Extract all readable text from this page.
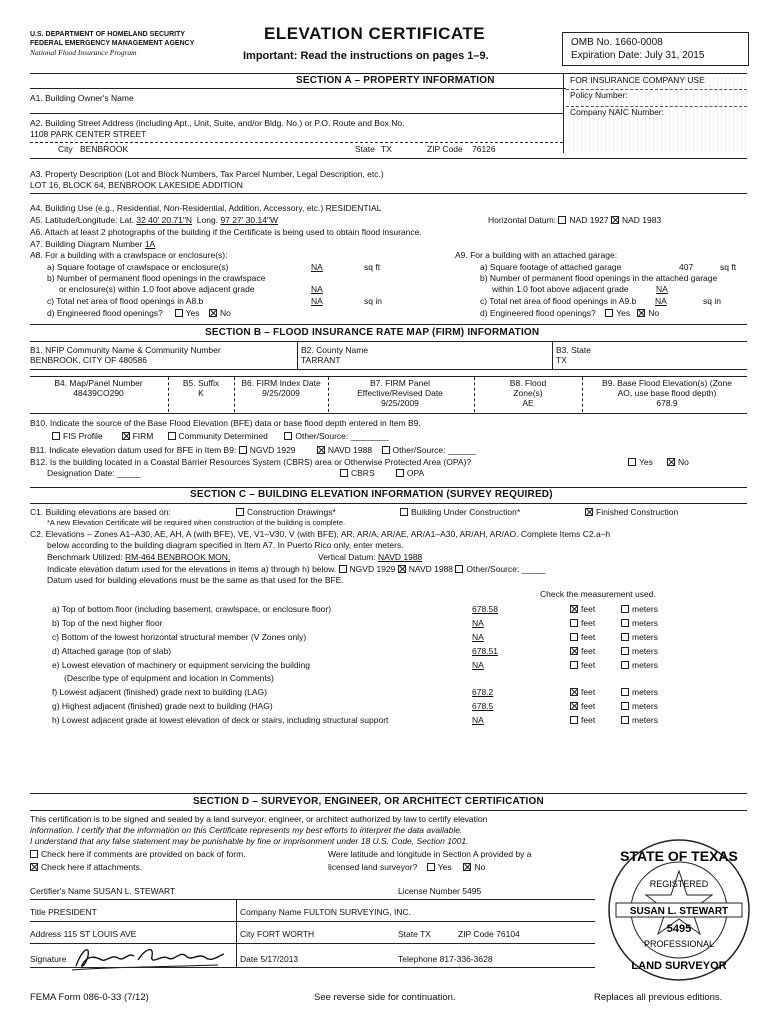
U.S. DEPARTMENT OF HOMELAND SECURITY
FEDERAL EMERGENCY MANAGEMENT AGENCY
National Flood Insurance Program
ELEVATION CERTIFICATE
Important: Read the instructions on pages 1–9.
OMB No. 1660-0008
Expiration Date: July 31, 2015
SECTION A – PROPERTY INFORMATION	FOR INSURANCE COMPANY USE
Policy Number:
Company NAIC Number:
A1. Building Owner's Name
A2. Building Street Address (including Apt., Unit, Suite, and/or Bldg. No.) or P.O. Route and Box No.
1108 PARK CENTER STREET
City BENBROOK	State TX	ZIP Code 76126
A3. Property Description (Lot and Block Numbers, Tax Parcel Number, Legal Description, etc.)
LOT 16, BLOCK 64, BENBROOK LAKESIDE ADDITION
A4. Building Use (e.g., Residential, Non-Residential, Addition, Accessory, etc.) RESIDENTIAL
A5. Latitude/Longitude: Lat. 32 40' 20.71"N Long. 97 27' 30.14"W	Horizontal Datum: NAD 1927 NAD 1983
A6. Attach at least 2 photographs of the building if the Certificate is being used to obtain flood insurance.
A7. Building Diagram Number 1A
A8. For a building with a crawlspace or enclosure(s):
a) Square footage of crawlspace or enclosure(s)	NA	sq ft
b) Number of permanent flood openings in the crawlspace
or enclosure(s) within 1.0 foot above adjacent grade	NA
c) Total net area of flood openings in A8.b	NA	sq in
d) Engineered flood openings?	Yes No
A9. For a building with an attached garage:
a) Square footage of attached garage	407	sq ft
b) Number of permanent flood openings in the attached garage
within 1.0 foot above adjacent grade	NA
c) Total net area of flood openings in A9.b NA	sq in
d) Engineered flood openings? Yes No
SECTION B – FLOOD INSURANCE RATE MAP (FIRM) INFORMATION
B1. NFIP Community Name & Community Number
BENBROOK, CITY OF 480586
B2. County Name
TARRANT
B3. State
TX
B4. Map/Panel Number
48439CO290
B5. Suffix
K
B6. FIRM Index Date
9/25/2009
B7. FIRM Panel
Effective/Revised Date
9/25/2009
B8. Flood
Zone(s)
AE
B9. Base Flood Elevation(s) (Zone
AO, use base flood depth)
678.9
B10. Indicate the source of the Base Flood Elevation (BFE) data or base flood depth entered in Item B9.
FIS Profile	FIRM	Community Determined	Other/Source: ________
B11. Indicate elevation datum used for BFE in Item B9: NGVD 1929	NAVD 1988 Other/Source: ______
B12. Is the building located in a Coastal Barrier Resources System (CBRS) area or Otherwise Protected Area (OPA)?	Yes	No
Designation Date: _____	CBRS	OPA
SECTION C – BUILDING ELEVATION INFORMATION (SURVEY REQUIRED)
C1. Building elevations are based on:	Construction Drawings*	Building Under Construction*	Finished Construction
*A new Elevation Certificate will be required when construction of the building is complete.
C2. Elevations – Zones A1–A30, AE, AH, A (with BFE), VE, V1–V30, V (with BFE), AR, AR/A, AR/AE, AR/A1–A30, AR/AH, AR/AO. Complete Items C2.a–h
below according to the building diagram specified in Item A7. In Puerto Rico only, enter meters.
Benchmark Utilized: RM-464 BENBROOK MON.	Vertical Datum: NAVD 1988
Indicate elevation datum used for the elevations in items a) through h) below. NGVD 1929 NAVD 1988 Other/Source: _____
Datum used for building elevations must be the same as that used for the BFE.
Check the measurement used.
a) Top of bottom floor (including basement, crawlspace, or enclosure floor)	678.58	feet	meters
b) Top of the next higher floor	NA	feet	meters
c) Bottom of the lowest horizontal structural member (V Zones only)	NA	feet	meters
d) Attached garage (top of slab)	678.51	feet	meters
e) Lowest elevation of machinery or equipment servicing the building	NA	feet	meters
(Describe type of equipment and location in Comments)
f) Lowest adjacent (finished) grade next to building (LAG)	678.2	feet	meters
g) Highest adjacent (finished) grade next to building (HAG)	678.5	feet	meters
h) Lowest adjacent grade at lowest elevation of deck or stairs, including structural support	NA	feet	meters
SECTION D – SURVEYOR, ENGINEER, OR ARCHITECT CERTIFICATION
This certification is to be signed and sealed by a land surveyor, engineer, or architect authorized by law to certify elevation
information. I certify that the information on this Certificate represents my best efforts to interpret the data available.
I understand that any false statement may be punishable by fine or imprisonment under 18 U.S. Code, Section 1001.
Check here if comments are provided on back of form.
Check here if attachments.
Were latitude and longitude in Section A provided by a
licensed land surveyor? Yes	No
Certifier's Name SUSAN L. STEWART	License Number 5495
Title PRESIDENT	Company Name FULTON SURVEYING, INC.
Address 115 ST LOUIS AVE	City FORT WORTH	State TX	ZIP Code 76104
Signature	Date 5/17/2013	Telephone 817-336-3628
STATE OF TEXAS
REGISTERED
SUSAN L. STEWART
5495
PROFESSIONAL
LAND SURVEYOR
FEMA Form 086-0-33 (7/12)	See reverse side for continuation.	Replaces all previous editions.
